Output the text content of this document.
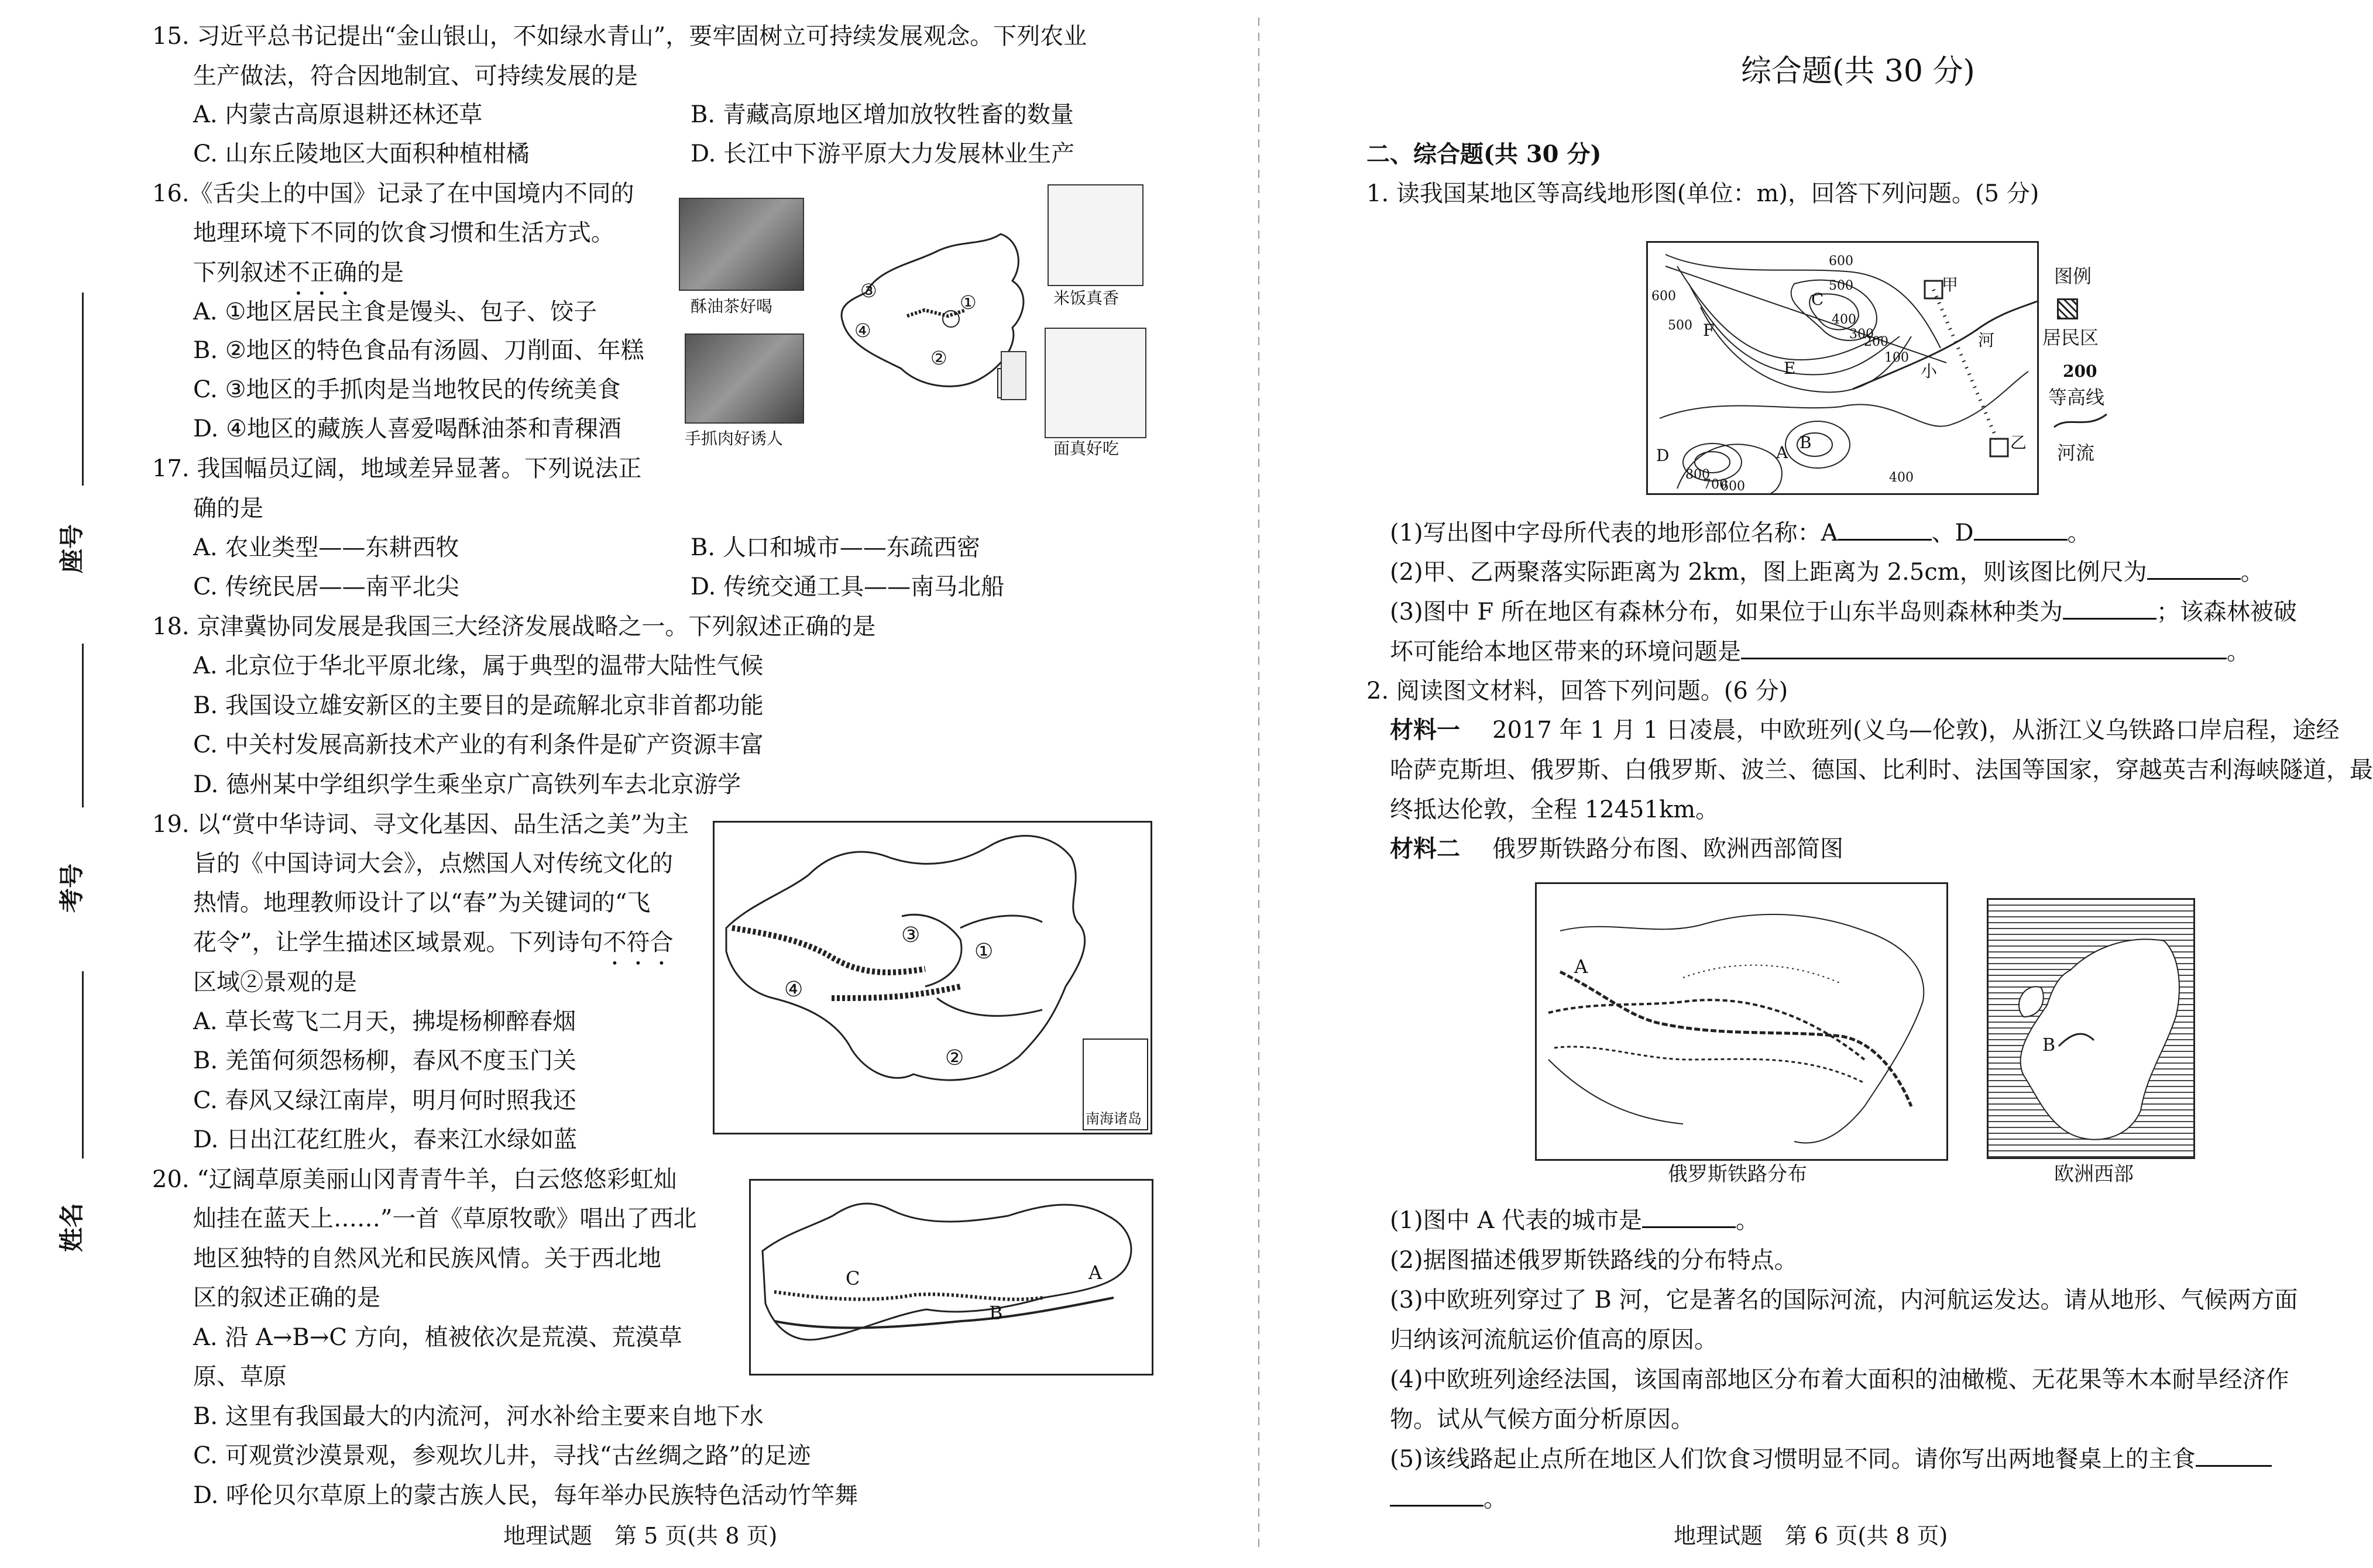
座号
考号
姓名
15. 习近平总书记提出“金山银山，不如绿水青山”，要牢固树立可持续发展观念。下列农业
生产做法，符合因地制宜、可持续发展的是
A. 内蒙古高原退耕还林还草	B. 青藏高原地区增加放牧牲畜的数量
C. 山东丘陵地区大面积种植柑橘	D. 长江中下游平原大力发展林业生产
16.《舌尖上的中国》记录了在中国境内不同的
地理环境下不同的饮食习惯和生活方式。
下列叙述不正确的是
A. ①地区居民主食是馒头、包子、饺子
B. ②地区的特色食品有汤圆、刀削面、年糕
C. ③地区的手抓肉是当地牧民的传统美食
D. ④地区的藏族人喜爱喝酥油茶和青稞酒
酥油茶好喝
手抓肉好诱人
③
④
①
②
米饭真香
面真好吃
17. 我国幅员辽阔，地域差异显著。下列说法正
确的是
A. 农业类型——东耕西牧	B. 人口和城市——东疏西密
C. 传统民居——南平北尖	D. 传统交通工具——南马北船
18. 京津冀协同发展是我国三大经济发展战略之一。下列叙述正确的是
A. 北京位于华北平原北缘，属于典型的温带大陆性气候
B. 我国设立雄安新区的主要目的是疏解北京非首都功能
C. 中关村发展高新技术产业的有利条件是矿产资源丰富
D. 德州某中学组织学生乘坐京广高铁列车去北京游学
19. 以“赏中华诗词、寻文化基因、品生活之美”为主
旨的《中国诗词大会》，点燃国人对传统文化的
热情。地理教师设计了以“春”为关键词的“飞
花令”，让学生描述区域景观。下列诗句不符合
区域②景观的是
A. 草长莺飞二月天，拂堤杨柳醉春烟
B. 羌笛何须怨杨柳，春风不度玉门关
C. 春风又绿江南岸，明月何时照我还
D. 日出江花红胜火，春来江水绿如蓝
③
①
④
②
南海诸岛
20. “辽阔草原美丽山冈青青牛羊，白云悠悠彩虹灿
灿挂在蓝天上……”一首《草原牧歌》唱出了西北
地区独特的自然风光和民族风情。关于西北地
区的叙述正确的是
A. 沿 A→B→C 方向，植被依次是荒漠、荒漠草
原、草原
B. 这里有我国最大的内流河，河水补给主要来自地下水
C. 可观赏沙漠景观，参观坎儿井，寻找“古丝绸之路”的足迹
D. 呼伦贝尔草原上的蒙古族人民，每年举办民族特色活动竹竿舞
C
B
A
地理试题　第 5 页(共 8 页)
综合题(共 30 分)
二、综合题(共 30 分)
1. 读我国某地区等高线地形图(单位：m)，回答下列问题。(5 分)
甲
乙
河
小
C
F
E
A
B
D
600
500
400
300
200
100
600
500
800
700
600
400
图例
居民区
200
等高线
河流
(1)写出图中字母所代表的地形部位名称：A	、D	。
(2)甲、乙两聚落实际距离为 2km，图上距离为 2.5cm，则该图比例尺为	。
(3)图中 F 所在地区有森林分布，如果位于山东半岛则森林种类为	；该森林被破
坏可能给本地区带来的环境问题是	。
2. 阅读图文材料，回答下列问题。(6 分)
材料一 2017 年 1 月 1 日凌晨，中欧班列(义乌—伦敦)，从浙江义乌铁路口岸启程，途经
哈萨克斯坦、俄罗斯、白俄罗斯、波兰、德国、比利时、法国等国家，穿越英吉利海峡隧道，最
终抵达伦敦，全程 12451km。
材料二 俄罗斯铁路分布图、欧洲西部简图
A
俄罗斯铁路分布
B
欧洲西部
(1)图中 A 代表的城市是	。
(2)据图描述俄罗斯铁路线的分布特点。
(3)中欧班列穿过了 B 河，它是著名的国际河流，内河航运发达。请从地形、气候两方面
归纳该河流航运价值高的原因。
(4)中欧班列途经法国，该国南部地区分布着大面积的油橄榄、无花果等木本耐旱经济作
物。试从气候方面分析原因。
(5)该线路起止点所在地区人们饮食习惯明显不同。请你写出两地餐桌上的主食
。
地理试题　第 6 页(共 8 页)
